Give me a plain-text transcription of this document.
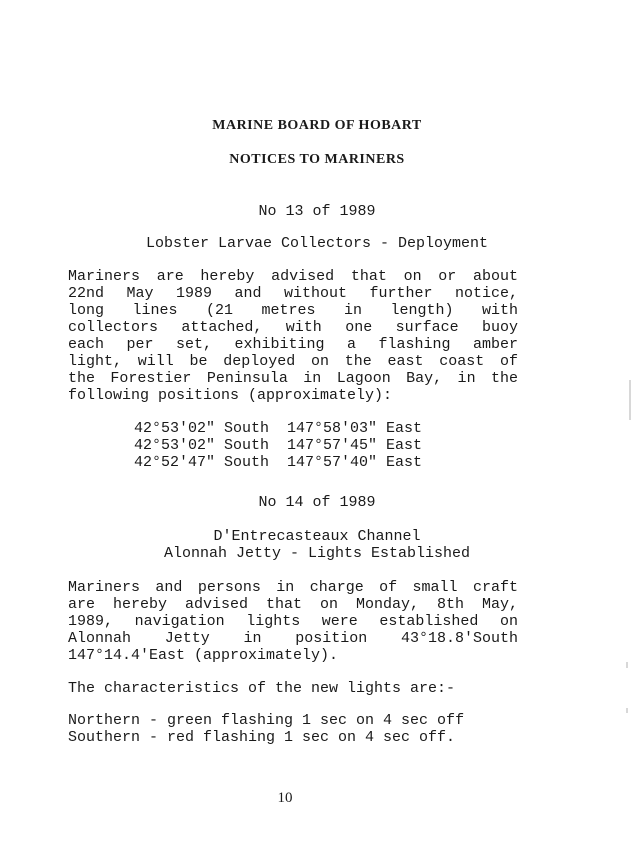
MARINE BOARD OF HOBART
NOTICES TO MARINERS
No 13 of 1989
Lobster Larvae Collectors - Deployment
Mariners are hereby advised that on or about
22nd May 1989 and without further notice,
long lines (21 metres in length) with
collectors attached, with one surface buoy
each per set, exhibiting a flashing amber
light, will be deployed on the east coast of
the Forestier Peninsula in Lagoon Bay, in the
following positions (approximately):
42°53'02" South  147°58'03" East
42°53'02" South  147°57'45" East
42°52'47" South  147°57'40" East
No 14 of 1989
D'Entrecasteaux Channel
Alonnah Jetty - Lights Established
Mariners and persons in charge of small craft
are hereby advised that on Monday, 8th May,
1989, navigation lights were established on
Alonnah Jetty in position 43°18.8'South
147°14.4'East (approximately).
The characteristics of the new lights are:-
Northern - green flashing 1 sec on 4 sec off
Southern - red flashing 1 sec on 4 sec off.
10
